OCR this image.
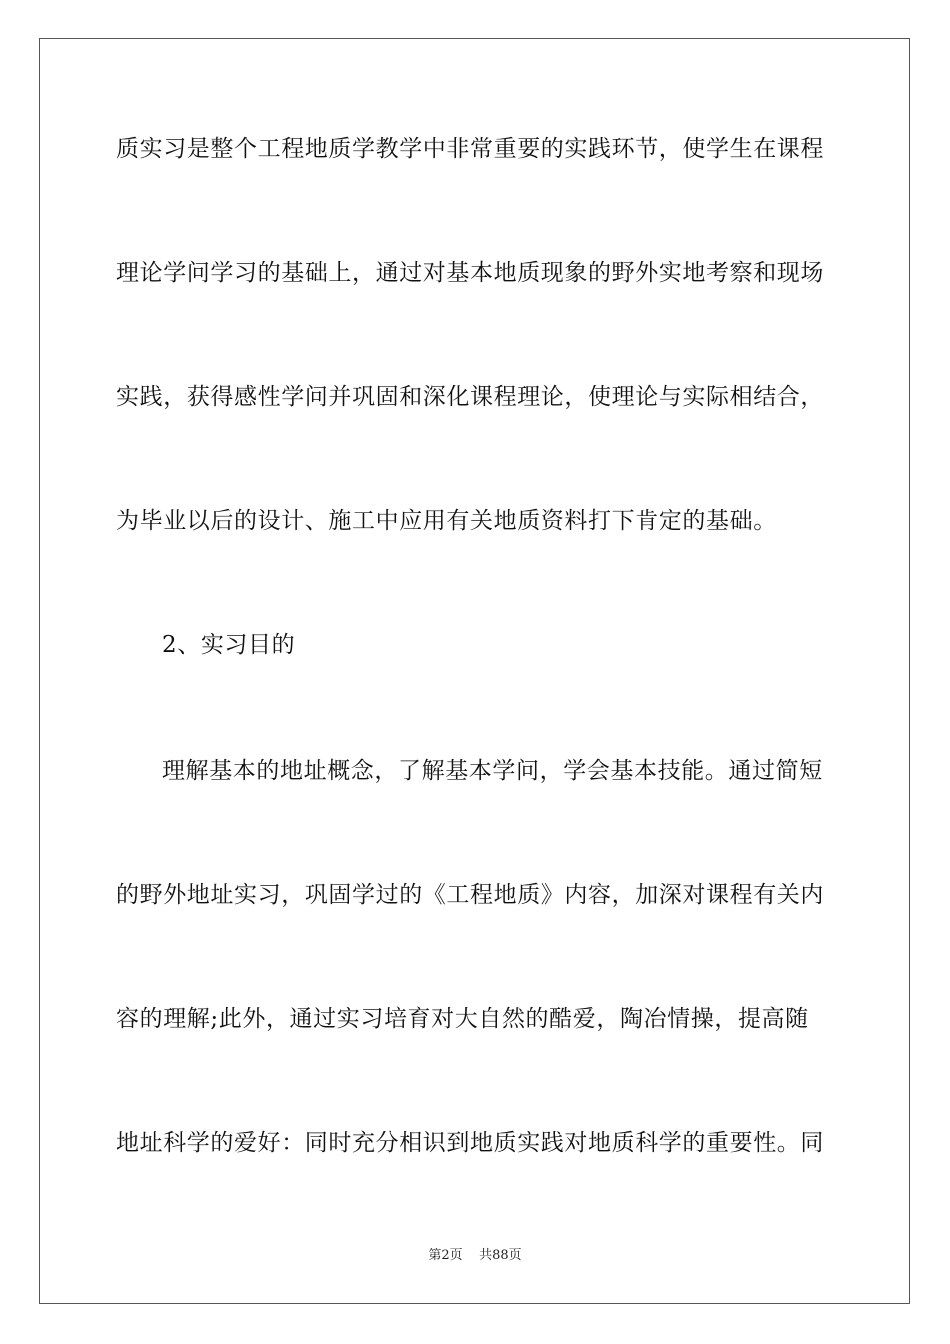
质实习是整个工程地质学教学中非常重要的实践环节，使学生在课程
理论学问学习的基础上，通过对基本地质现象的野外实地考察和现场
实践，获得感性学问并巩固和深化课程理论，使理论与实际相结合，
为毕业以后的设计、施工中应用有关地质资料打下肯定的基础。
2、实习目的
理解基本的地址概念，了解基本学问，学会基本技能。通过简短
的野外地址实习，巩固学过的《工程地质》内容，加深对课程有关内
容的理解;此外，通过实习培育对大自然的酷爱，陶冶情操，提高随
地址科学的爱好：同时充分相识到地质实践对地质科学的重要性。同
第2页 共88页
